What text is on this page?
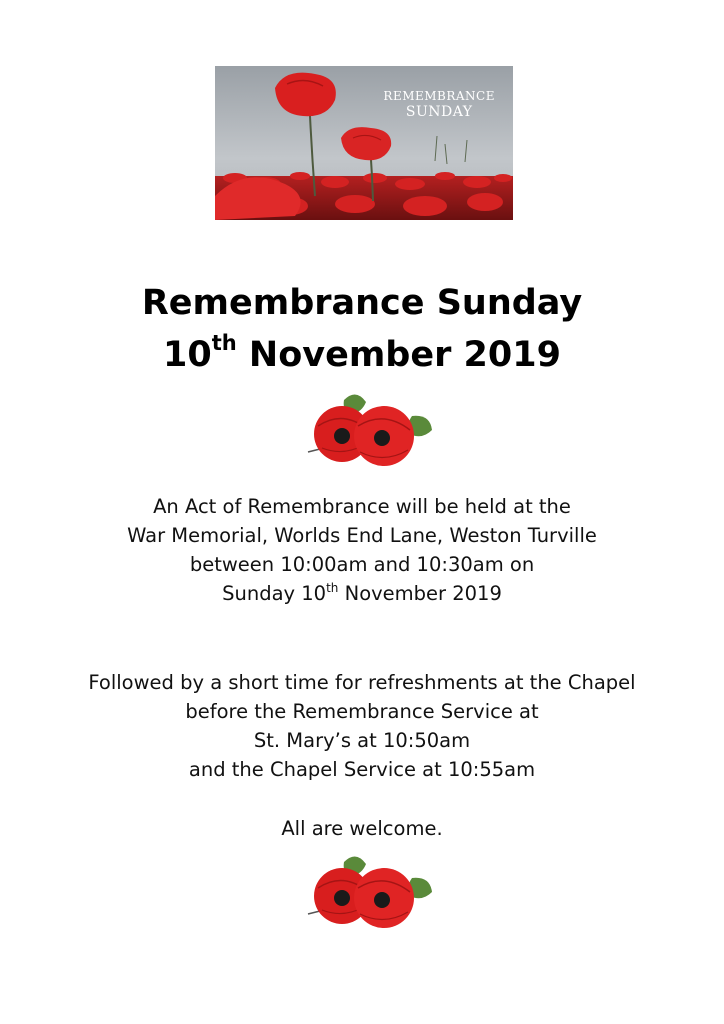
REMEMBRANCE
SUNDAY
Remembrance Sunday
10th November 2019
An Act of Remembrance will be held at the
War Memorial, Worlds End Lane, Weston Turville
between 10:00am and 10:30am on
Sunday 10th November 2019
Followed by a short time for refreshments at the Chapel
before the Remembrance Service at
St. Mary’s at 10:50am
and the Chapel Service at 10:55am
All are welcome.
